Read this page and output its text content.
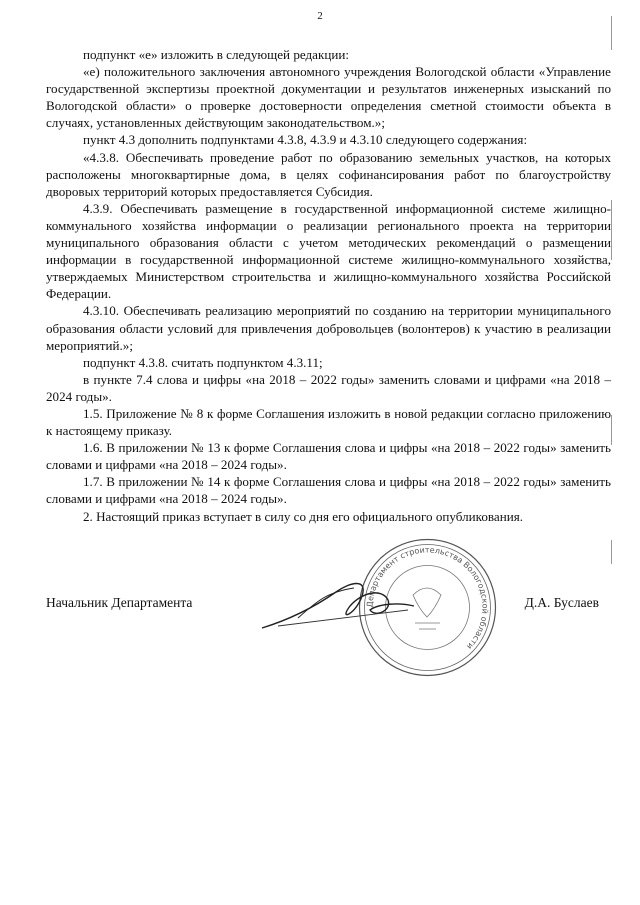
2

подпункт «е» изложить в следующей редакции:

«е) положительного заключения автономного учреждения Вологодской области «Управление государственной экспертизы проектной документации и результатов инженерных изысканий по Вологодской области» о проверке достоверности определения сметной стоимости объекта в случаях, установленных действующим законодательством.»;

пункт 4.3 дополнить подпунктами 4.3.8, 4.3.9 и 4.3.10 следующего содержания:

«4.3.8. Обеспечивать проведение работ по образованию земельных участков, на которых расположены многоквартирные дома, в целях софинансирования работ по благоустройству дворовых территорий которых предоставляется Субсидия.

4.3.9. Обеспечивать размещение в государственной информационной системе жилищно-коммунального хозяйства информации о реализации регионального проекта на территории муниципального образования области с учетом методических рекомендаций о размещении информации в государственной информационной системе жилищно-коммунального хозяйства, утверждаемых Министерством строительства и жилищно-коммунального хозяйства Российской Федерации.

4.3.10. Обеспечивать реализацию мероприятий по созданию на территории муниципального образования области условий для привлечения добровольцев (волонтеров) к участию в реализации мероприятий.»;

подпункт 4.3.8. считать подпунктом 4.3.11;

в пункте 7.4 слова и цифры «на 2018 – 2022 годы» заменить словами и цифрами «на 2018 – 2024 годы».

1.5. Приложение № 8 к форме Соглашения изложить в новой редакции согласно приложению к настоящему приказу.

1.6. В приложении № 13 к форме Соглашения слова и цифры «на 2018 – 2022 годы» заменить словами и цифрами «на 2018 – 2024 годы».

1.7. В приложении № 14 к форме Соглашения слова и цифры «на 2018 – 2022 годы» заменить словами и цифрами «на 2018 – 2024 годы».

2. Настоящий приказ вступает в силу со дня его официального опубликования.

Департамент строительства Вологодской области
Начальник Департамента	Д.А. Буслаев
